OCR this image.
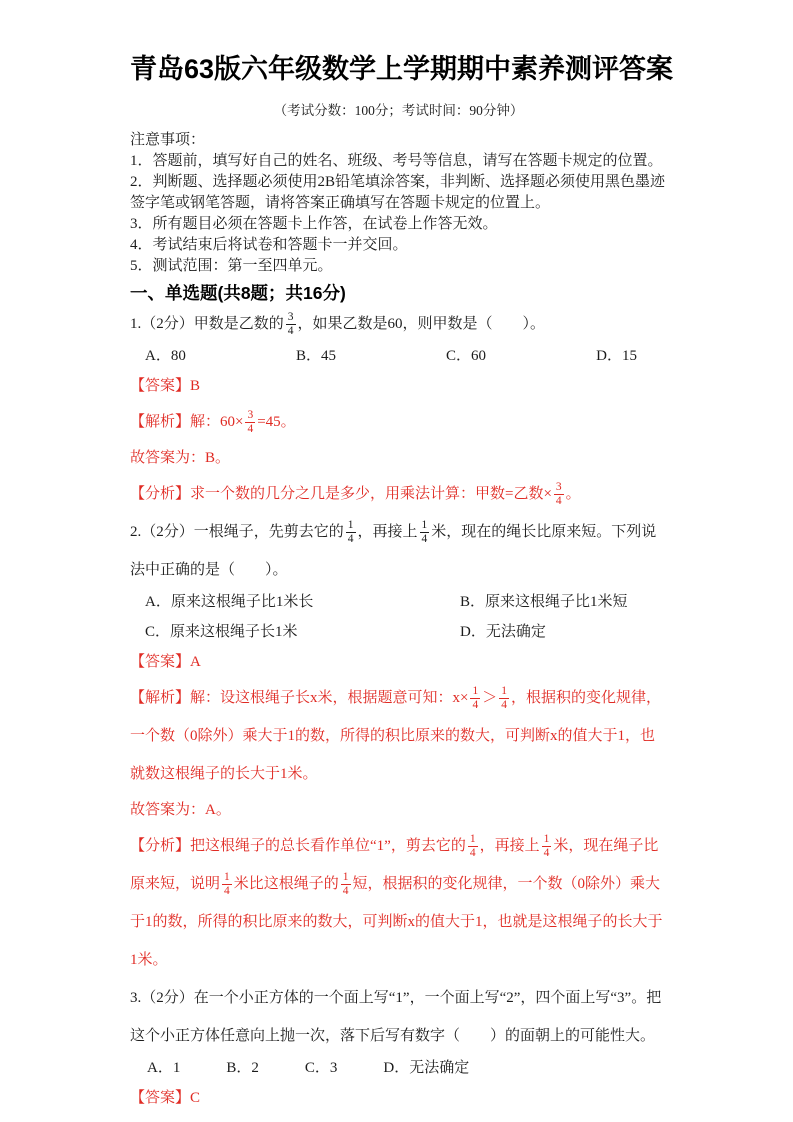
青岛63版六年级数学上学期期中素养测评答案
（考试分数：100分；考试时间：90分钟）

注意事项：

1．答题前，填写好自己的姓名、班级、考号等信息，请写在答题卡规定的位置。

2．判断题、选择题必须使用2B铅笔填涂答案，非判断、选择题必须使用黑色墨迹签字笔或钢笔答题，请将答案正确填写在答题卡规定的位置上。

3．所有题目必须在答题卡上作答，在试卷上作答无效。

4．考试结束后将试卷和答题卡一并交回。

5．测试范围：第一至四单元。

一、单选题(共8题；共16分)

1.（2分）甲数是乙数的 $\frac{3}{4}$ ，如果乙数是60，则甲数是（　　）。

A．80	B．45	C．60	D．15

【答案】B

【解析】解：$60\times \frac{3}{4} =45$。

故答案为：B。

【分析】求一个数的几分之几是多少，用乘法计算：甲数=乙数× $\frac{3}{4}$ 。

2.（2分）一根绳子，先剪去它的 $\frac{1}{4}$ ，再接上 $\frac{1}{4}$ 米，现在的绳长比原来短。下列说法中正确的是（　　）。

A．原来这根绳子比1米长	B．原来这根绳子比1米短
C．原来这根绳子长1米	D．无法确定

【答案】A

【解析】解：设这根绳子长x米，根据题意可知：$x\times \frac{1}{4} > \frac{1}{4}$ ，根据积的变化规律，一个数（0除外）乘大于1的数，所得的积比原来的数大，可判断x的值大于1，也就数这根绳子的长大于1米。

故答案为：A。

【分析】把这根绳子的总长看作单位“1”，剪去它的 $\frac{1}{4}$ ，再接上 $\frac{1}{4}$ 米，现在绳子比原来短，说明 $\frac{1}{4}$ 米比这根绳子的 $\frac{1}{4}$ 短，根据积的变化规律，一个数（0除外）乘大于1的数，所得的积比原来的数大，可判断x的值大于1，也就是这根绳子的长大于1米。

3.（2分）在一个小正方体的一个面上写“1”，一个面上写“2”，四个面上写“3”。把这个小正方体任意向上抛一次，落下后写有数字（　　）的面朝上的可能性大。

A．1	B．2	C．3	D．无法确定

【答案】C
